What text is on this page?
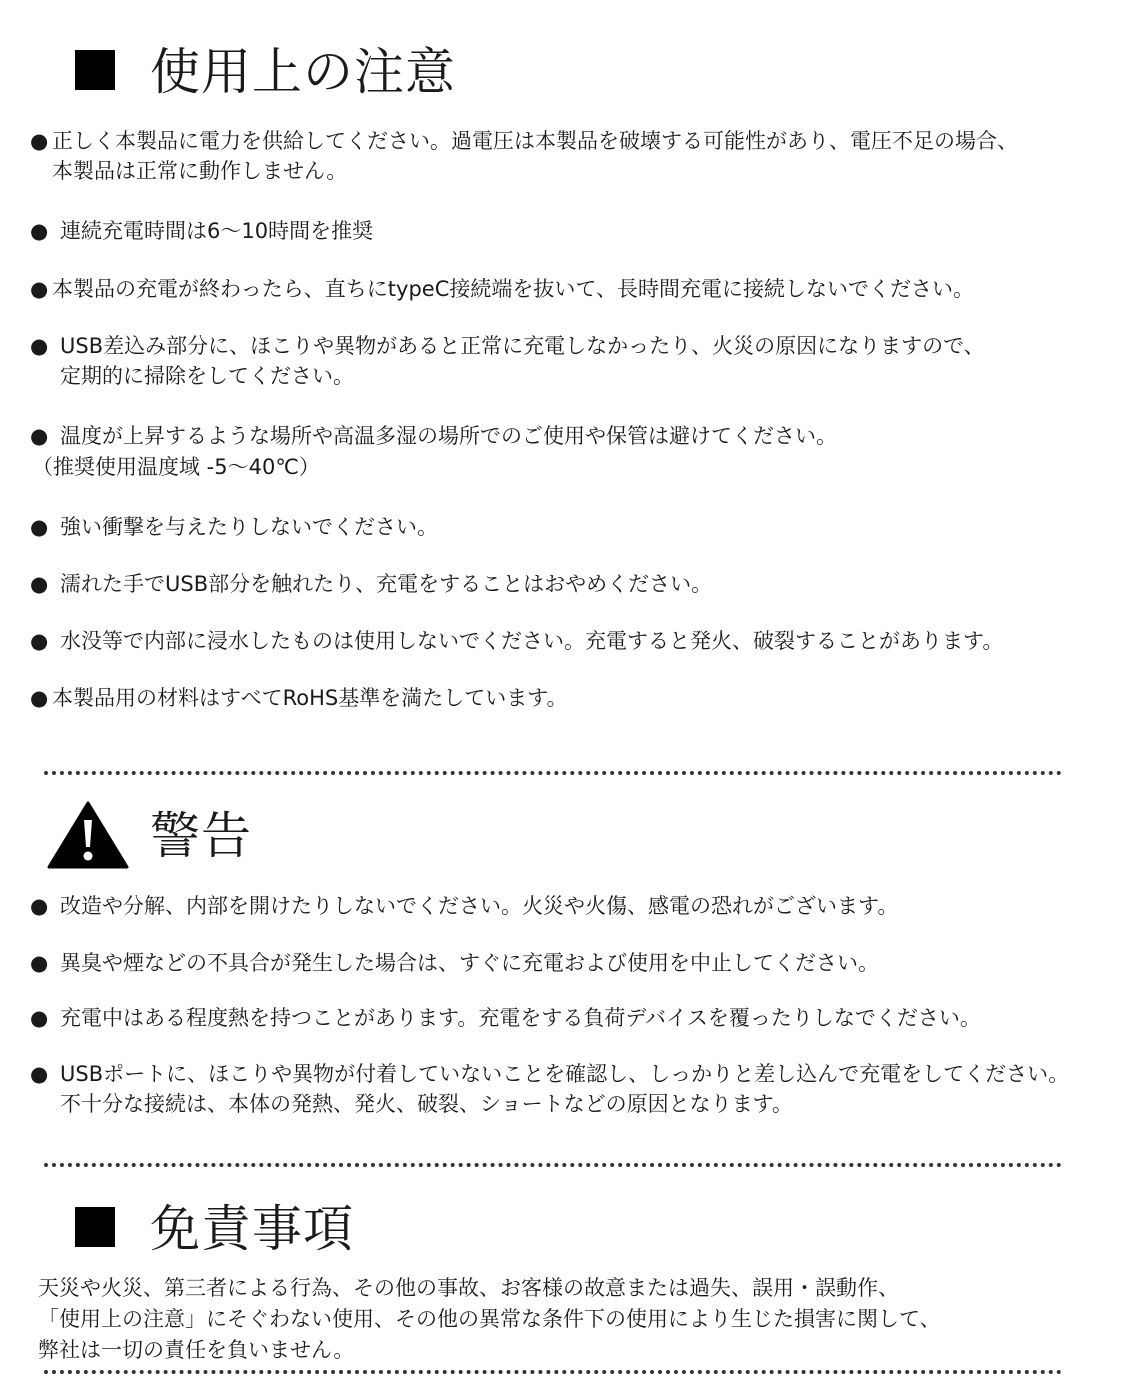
使用上の注意
● 正しく本製品に電力を供給してください。過電圧は本製品を破壊する可能性があり、電圧不足の場合、
本製品は正常に動作しません。
● 連続充電時間は6～10時間を推奨
● 本製品の充電が終わったら、直ちにtypeC接続端を抜いて、長時間充電に接続しないでください。
● USB差込み部分に、ほこりや異物があると正常に充電しなかったり、火災の原因になりますので、
定期的に掃除をしてください。
● 温度が上昇するような場所や高温多湿の場所でのご使用や保管は避けてください。
（推奨使用温度域 -5～40℃）
● 強い衝撃を与えたりしないでください。
● 濡れた手でUSB部分を触れたり、充電をすることはおやめください。
● 水没等で内部に浸水したものは使用しないでください。充電すると発火、破裂することがあります。
● 本製品用の材料はすべてRoHS基準を満たしています。
警告
● 改造や分解、内部を開けたりしないでください。火災や火傷、感電の恐れがございます。
● 異臭や煙などの不具合が発生した場合は、すぐに充電および使用を中止してください。
● 充電中はある程度熱を持つことがあります。充電をする負荷デバイスを覆ったりしなでください。
● USBポートに、ほこりや異物が付着していないことを確認し、しっかりと差し込んで充電をしてください。
不十分な接続は、本体の発熱、発火、破裂、ショートなどの原因となります。
免責事項
天災や火災、第三者による行為、その他の事故、お客様の故意または過失、誤用・誤動作、
「使用上の注意」にそぐわない使用、その他の異常な条件下の使用により生じた損害に関して、
弊社は一切の責任を負いません。
